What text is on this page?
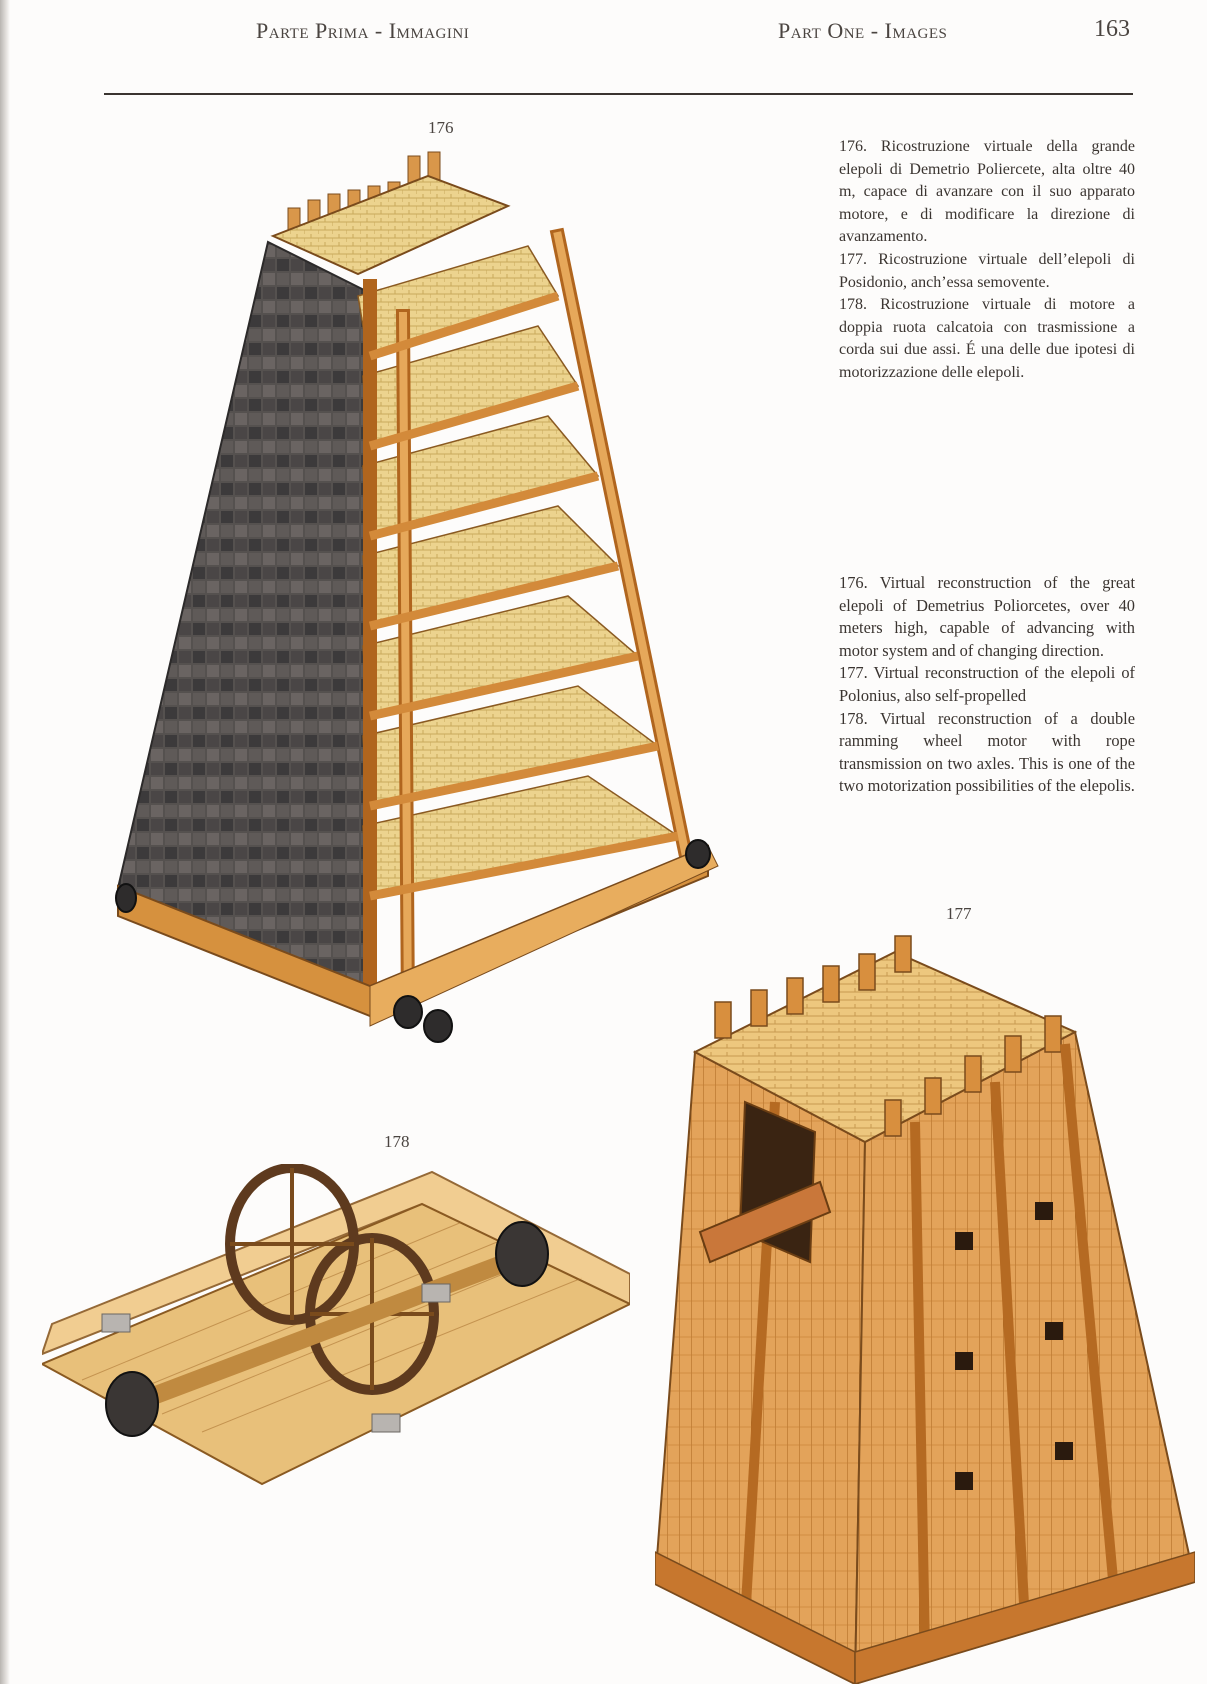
Parte Prima - Immagini	Part One - Images	163
176
177
178

176. Ricostruzione virtuale della grande elepoli di Demetrio Poliercete, alta oltre 40 m, capace di avanzare con il suo apparato motore, e di modificare la direzione di avanzamento.

177. Ricostruzione virtuale dell’elepoli di Posidonio, anch’essa semovente.

178. Ricostruzione virtuale di motore a doppia ruota calcatoia con trasmissione a corda sui due assi. É una delle due ipotesi di motorizzazione delle elepoli.

176. Virtual reconstruction of the great elepoli of Demetrius Poliorcetes, over 40 meters high, capable of advancing with motor system and of changing direction.

177. Virtual reconstruction of the elepoli of Polonius, also self-propelled

178. Virtual reconstruction of a double ramming wheel motor with rope transmission on two axles. This is one of the two motorization possibilities of the elepolis.
